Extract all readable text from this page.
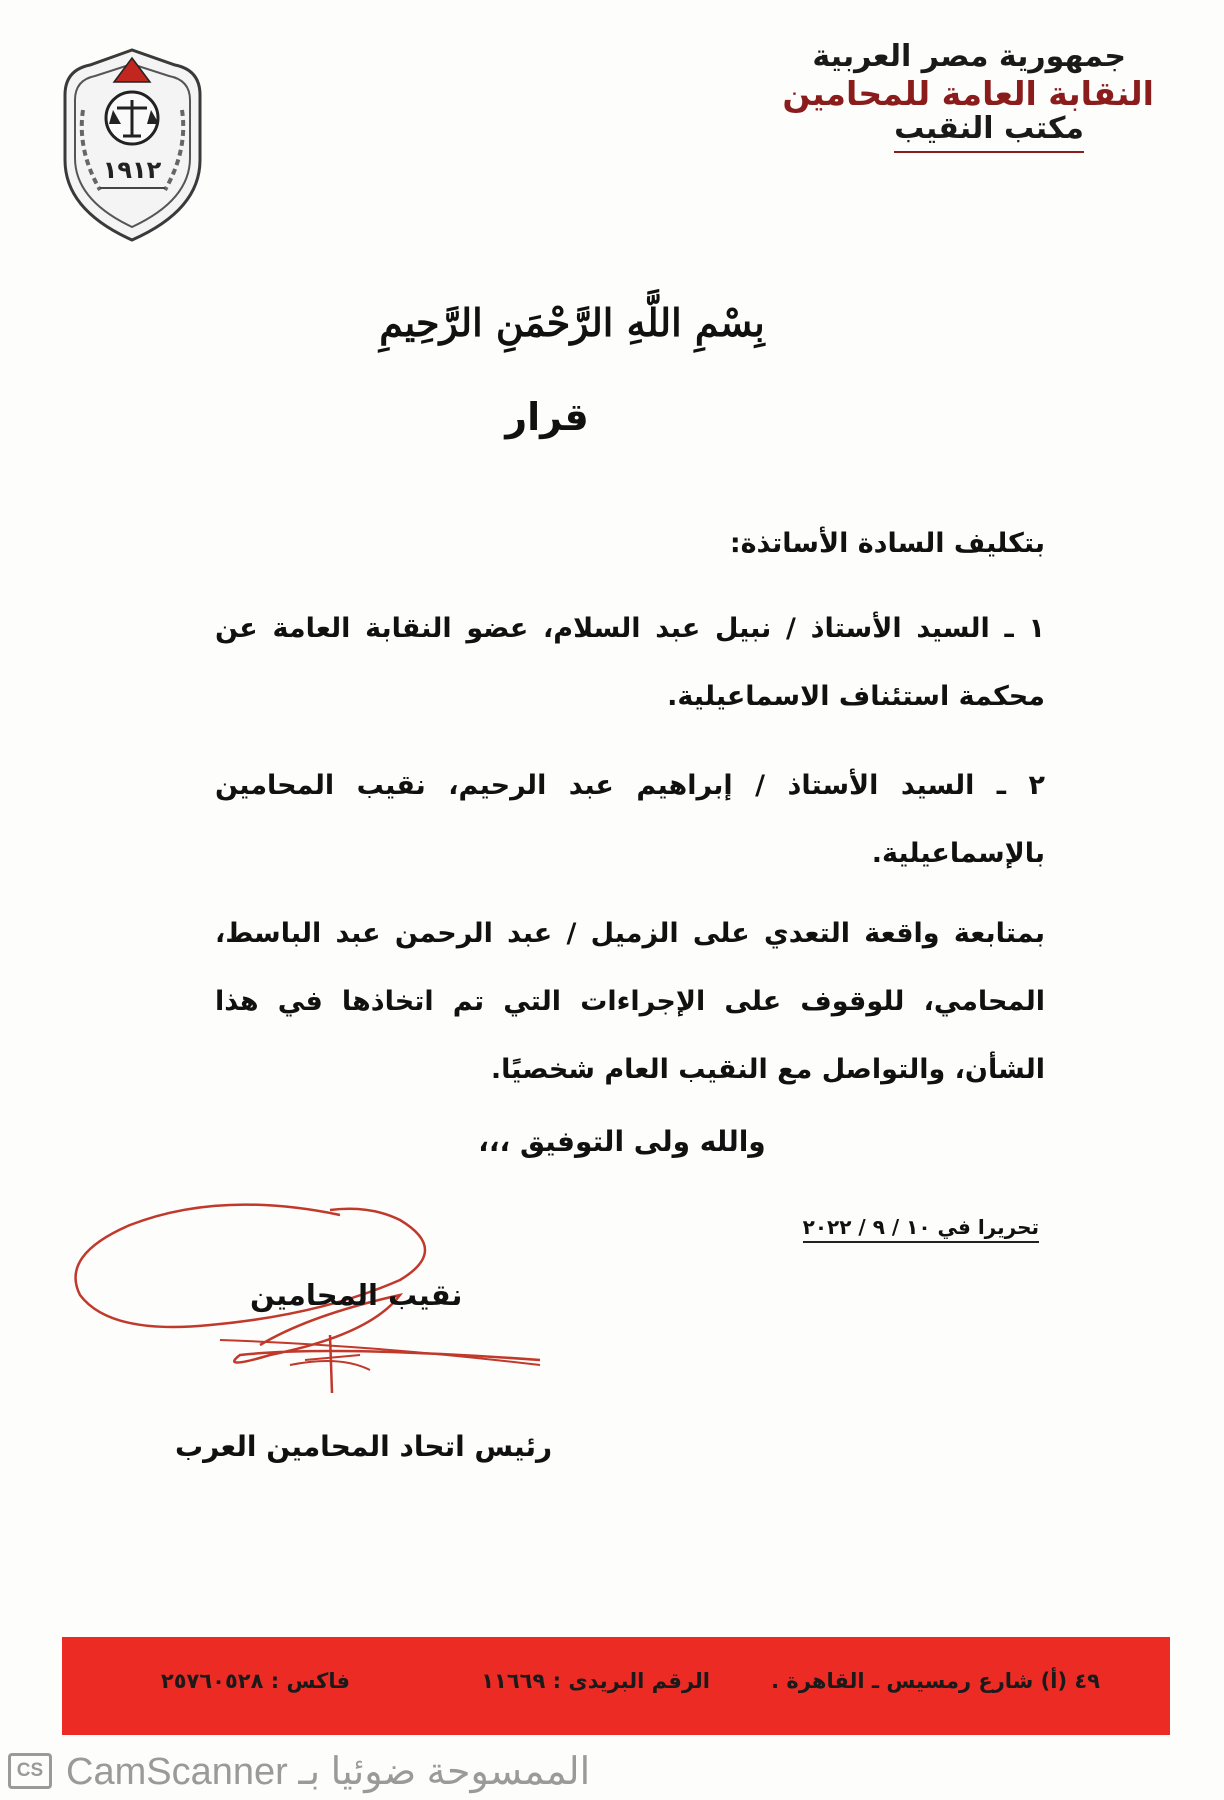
١٩١٢
جمهورية مصر العربية
النقابة العامة للمحامين
مكتب النقيب
بِسْمِ اللَّهِ الرَّحْمَنِ الرَّحِيمِ
قرار
بتكليف السادة الأساتذة:
١ ـ السيد الأستاذ / نبيل عبد السلام، عضو النقابة العامة عن محكمة استئناف الاسماعيلية.
٢ ـ السيد الأستاذ / إبراهيم عبد الرحيم، نقيب المحامين بالإسماعيلية.
بمتابعة واقعة التعدي على الزميل / عبد الرحمن عبد الباسط، المحامي، للوقوف على الإجراءات التي تم اتخاذها في هذا الشأن، والتواصل مع النقيب العام شخصيًا.
والله ولى التوفيق ،،،
تحريرا في ١٠ / ٩ / ٢٠٢٢
نقيب المحامين
رئيس اتحاد المحامين العرب
٤٩ (أ) شارع رمسيس ـ القاهرة .
الرقم البريدى : ١١٦٦٩
فاكس : ٢٥٧٦٠٥٢٨
CS الممسوحة ضوئيا بـ CamScanner
